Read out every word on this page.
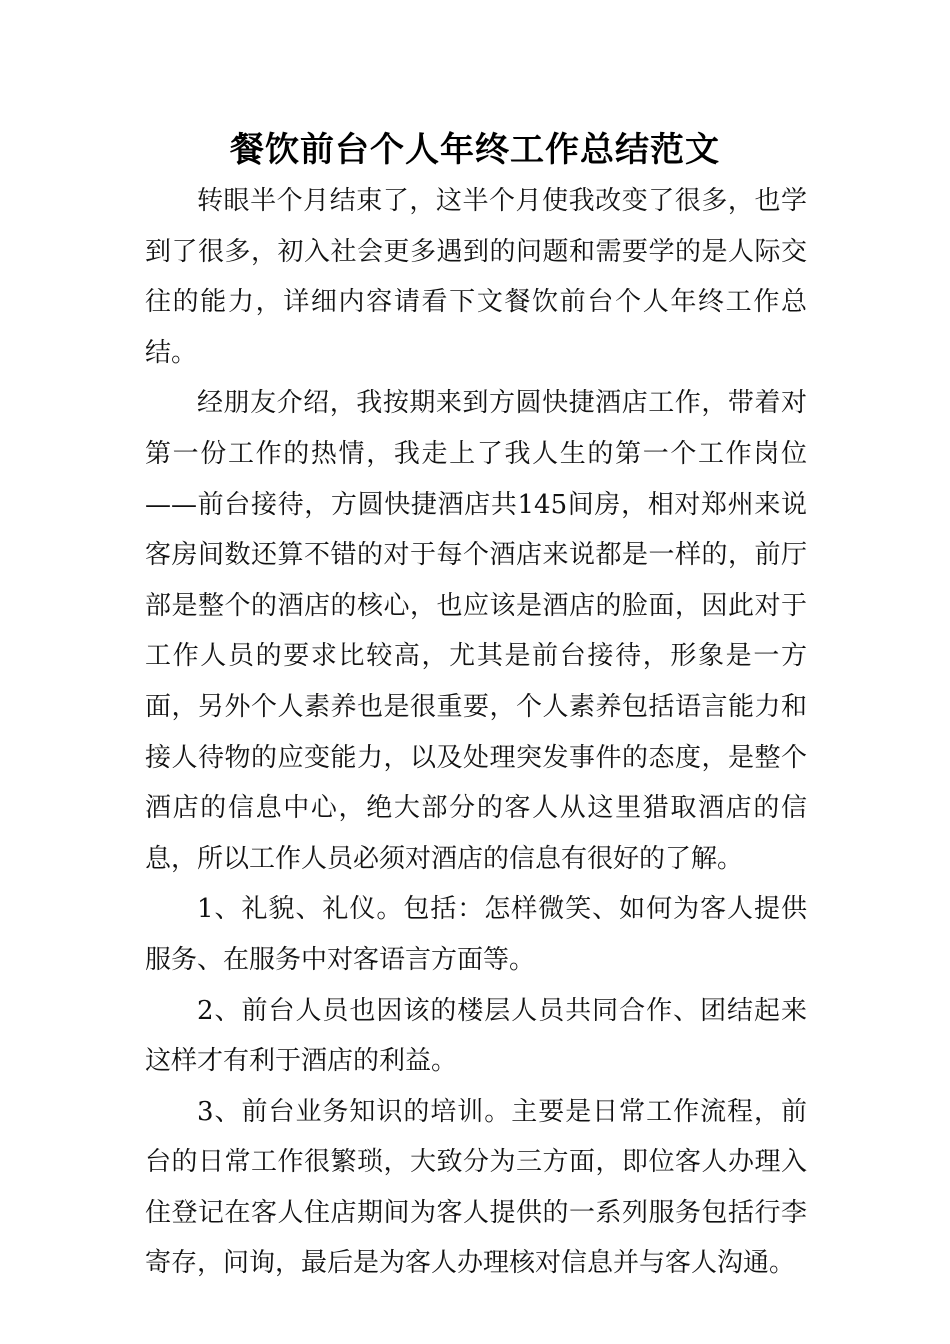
餐饮前台个人年终工作总结范文

转眼半个月结束了，这半个月使我改变了很多，也学到了很多，初入社会更多遇到的问题和需要学的是人际交往的能力，详细内容请看下文餐饮前台个人年终工作总结。

经朋友介绍，我按期来到方圆快捷酒店工作，带着对第一份工作的热情，我走上了我人生的第一个工作岗位——前台接待，方圆快捷酒店共145间房，相对郑州来说客房间数还算不错的对于每个酒店来说都是一样的，前厅部是整个的酒店的核心，也应该是酒店的脸面，因此对于工作人员的要求比较高，尤其是前台接待，形象是一方面，另外个人素养也是很重要，个人素养包括语言能力和接人待物的应变能力，以及处理突发事件的态度，是整个酒店的信息中心，绝大部分的客人从这里猎取酒店的信息，所以工作人员必须对酒店的信息有很好的了解。

1、礼貌、礼仪。包括：怎样微笑、如何为客人提供服务、在服务中对客语言方面等。

2、前台人员也因该的楼层人员共同合作、团结起来这样才有利于酒店的利益。

3、前台业务知识的培训。主要是日常工作流程，前台的日常工作很繁琐，大致分为三方面，即位客人办理入住登记在客人住店期间为客人提供的一系列服务包括行李寄存，问询，最后是为客人办理核对信息并与客人沟通。
